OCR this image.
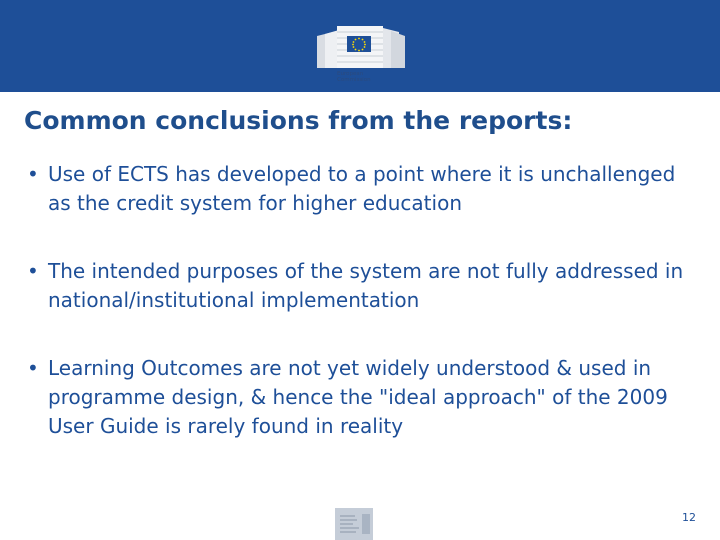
European
Commission
Common conclusions from the reports:
• Use of ECTS has developed to a point where it is unchallenged as the credit system for higher education
• The intended purposes of the system are not fully addressed in national/institutional implementation
• Learning Outcomes are not yet widely understood & used in programme design, & hence the "ideal approach" of the 2009 User Guide is rarely found in reality
12
